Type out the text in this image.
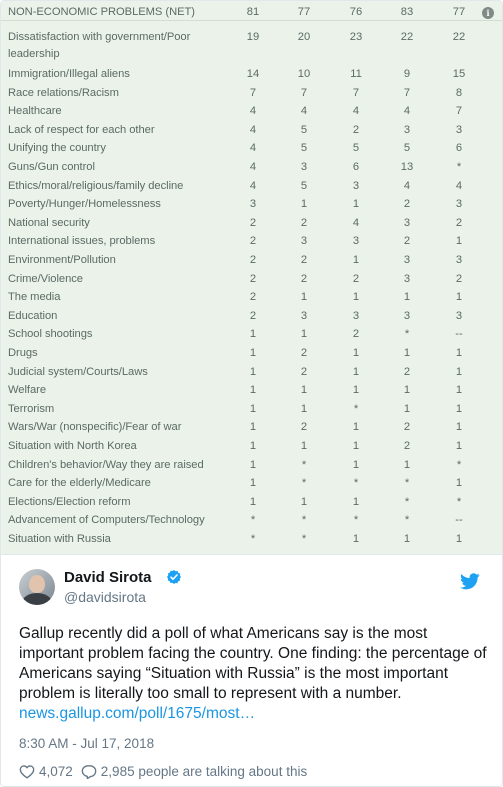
NON-ECONOMIC PROBLEMS (NET)	81	77	76	83	77
Dissatisfaction with government/Poor
leadership
19	20	23	22	22
Immigration/Illegal aliens	14	10	11	9	15
Race relations/Racism	7	7	7	7	8
Healthcare	4	4	4	4	7
Lack of respect for each other	4	5	2	3	3
Unifying the country	4	5	5	5	6
Guns/Gun control	4	3	6	13	*
Ethics/moral/religious/family decline	4	5	3	4	4
Poverty/Hunger/Homelessness	3	1	1	2	3
National security	2	2	4	3	2
International issues, problems	2	3	3	2	1
Environment/Pollution	2	2	1	3	3
Crime/Violence	2	2	2	3	2
The media	2	1	1	1	1
Education	2	3	3	3	3
School shootings	1	1	2	*	--
Drugs	1	2	1	1	1
Judicial system/Courts/Laws	1	2	1	2	1
Welfare	1	1	1	1	1
Terrorism	1	1	*	1	1
Wars/War (nonspecific)/Fear of war	1	2	1	2	1
Situation with North Korea	1	1	1	2	1
Children's behavior/Way they are raised	1	*	1	1	*
Care for the elderly/Medicare	1	*	*	*	1
Elections/Election reform	1	1	1	*	*
Advancement of Computers/Technology	*	*	*	*	--
Situation with Russia	*	*	1	1	1
i
David Sirota
@davidsirota
Gallup recently did a poll of what Americans say is the most important problem facing the country. One finding: the percentage of Americans saying “Situation with Russia” is the most important problem is literally too small to represent with a number. news.gallup.com/poll/1675/most…
8:30 AM - Jul 17, 2018
4,072 2,985 people are talking about this
